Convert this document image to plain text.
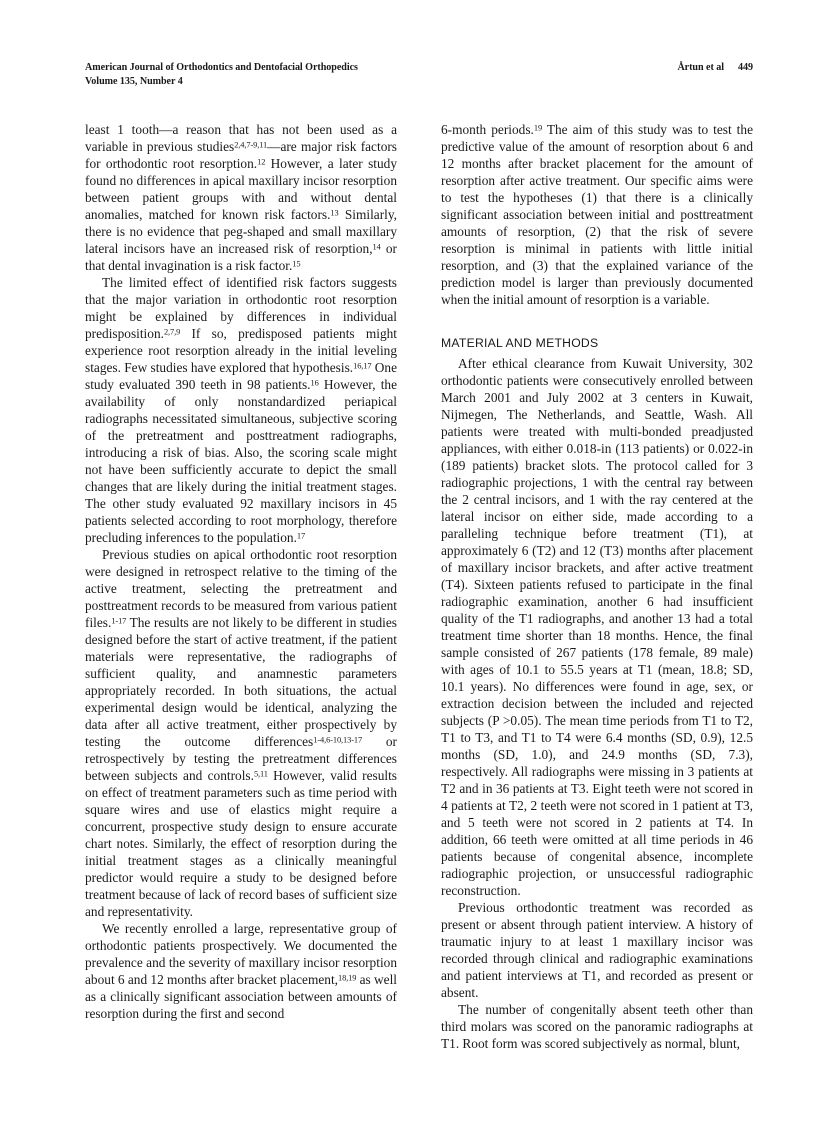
American Journal of Orthodontics and Dentofacial Orthopedics
Volume 135, Number 4
Årtun et al 449

least 1 tooth—a reason that has not been used as a variable in previous studies$^{2,4,7-9,11}$—are major risk factors for orthodontic root resorption.$^{12}$ However, a later study found no differences in apical maxillary incisor resorption between patient groups with and without dental anomalies, matched for known risk factors.$^{13}$ Similarly, there is no evidence that peg-shaped and small maxillary lateral incisors have an increased risk of resorption,$^{14}$ or that dental invagination is a risk factor.$^{15}$

The limited effect of identified risk factors suggests that the major variation in orthodontic root resorption might be explained by differences in individual predisposition.$^{2,7,9}$ If so, predisposed patients might experience root resorption already in the initial leveling stages. Few studies have explored that hypothesis.$^{16,17}$ One study evaluated 390 teeth in 98 patients.$^{16}$ However, the availability of only nonstandardized periapical radiographs necessitated simultaneous, subjective scoring of the pretreatment and posttreatment radiographs, introducing a risk of bias. Also, the scoring scale might not have been sufficiently accurate to depict the small changes that are likely during the initial treatment stages. The other study evaluated 92 maxillary incisors in 45 patients selected according to root morphology, therefore precluding inferences to the population.$^{17}$

Previous studies on apical orthodontic root resorption were designed in retrospect relative to the timing of the active treatment, selecting the pretreatment and posttreatment records to be measured from various patient files.$^{1-17}$ The results are not likely to be different in studies designed before the start of active treatment, if the patient materials were representative, the radiographs of sufficient quality, and anamnestic parameters appropriately recorded. In both situations, the actual experimental design would be identical, analyzing the data after all active treatment, either prospectively by testing the outcome differences$^{1-4,6-10,13-17}$ or retrospectively by testing the pretreatment differences between subjects and controls.$^{5,11}$ However, valid results on effect of treatment parameters such as time period with square wires and use of elastics might require a concurrent, prospective study design to ensure accurate chart notes. Similarly, the effect of resorption during the initial treatment stages as a clinically meaningful predictor would require a study to be designed before treatment because of lack of record bases of sufficient size and representativity.

We recently enrolled a large, representative group of orthodontic patients prospectively. We documented the prevalence and the severity of maxillary incisor resorption about 6 and 12 months after bracket placement,$^{18,19}$ as well as a clinically significant association between amounts of resorption during the first and second

6-month periods.$^{19}$ The aim of this study was to test the predictive value of the amount of resorption about 6 and 12 months after bracket placement for the amount of resorption after active treatment. Our specific aims were to test the hypotheses (1) that there is a clinically significant association between initial and posttreatment amounts of resorption, (2) that the risk of severe resorption is minimal in patients with little initial resorption, and (3) that the explained variance of the prediction model is larger than previously documented when the initial amount of resorption is a variable.

MATERIAL AND METHODS

After ethical clearance from Kuwait University, 302 orthodontic patients were consecutively enrolled between March 2001 and July 2002 at 3 centers in Kuwait, Nijmegen, The Netherlands, and Seattle, Wash. All patients were treated with multi-bonded preadjusted appliances, with either 0.018-in (113 patients) or 0.022-in (189 patients) bracket slots. The protocol called for 3 radiographic projections, 1 with the central ray between the 2 central incisors, and 1 with the ray centered at the lateral incisor on either side, made according to a paralleling technique before treatment (T1), at approximately 6 (T2) and 12 (T3) months after placement of maxillary incisor brackets, and after active treatment (T4). Sixteen patients refused to participate in the final radiographic examination, another 6 had insufficient quality of the T1 radiographs, and another 13 had a total treatment time shorter than 18 months. Hence, the final sample consisted of 267 patients (178 female, 89 male) with ages of 10.1 to 55.5 years at T1 (mean, 18.8; SD, 10.1 years). No differences were found in age, sex, or extraction decision between the included and rejected subjects (P >0.05). The mean time periods from T1 to T2, T1 to T3, and T1 to T4 were 6.4 months (SD, 0.9), 12.5 months (SD, 1.0), and 24.9 months (SD, 7.3), respectively. All radiographs were missing in 3 patients at T2 and in 36 patients at T3. Eight teeth were not scored in 4 patients at T2, 2 teeth were not scored in 1 patient at T3, and 5 teeth were not scored in 2 patients at T4. In addition, 66 teeth were omitted at all time periods in 46 patients because of congenital absence, incomplete radiographic projection, or unsuccessful radiographic reconstruction.

Previous orthodontic treatment was recorded as present or absent through patient interview. A history of traumatic injury to at least 1 maxillary incisor was recorded through clinical and radiographic examinations and patient interviews at T1, and recorded as present or absent.

The number of congenitally absent teeth other than third molars was scored on the panoramic radiographs at T1. Root form was scored subjectively as normal, blunt,
